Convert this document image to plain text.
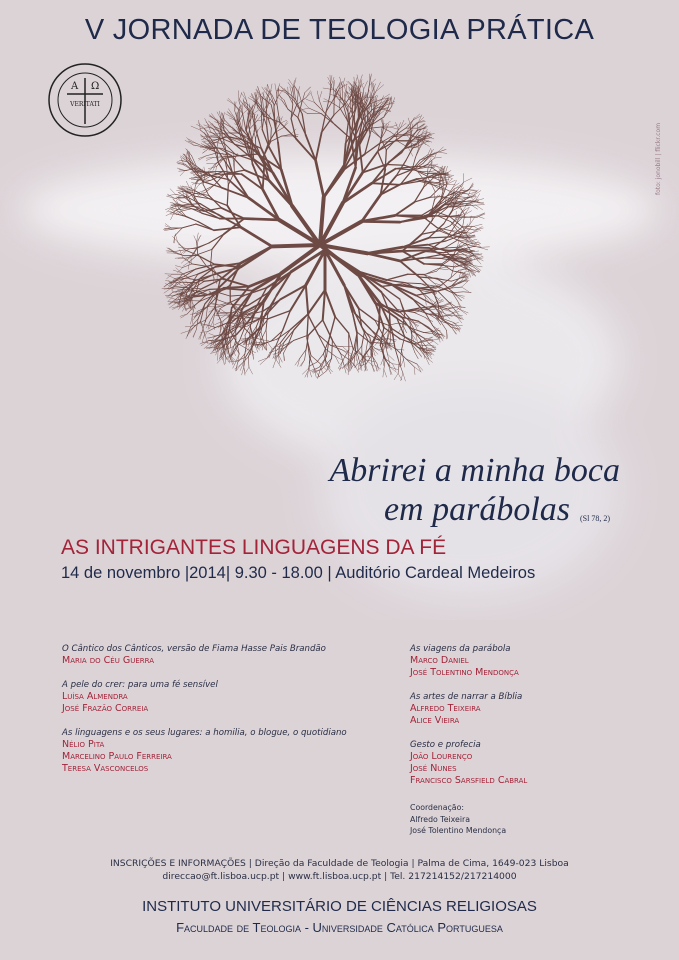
V JORNADA DE TEOLOGIA PRÁTICA
Α Ω
VERITATI
foto: jonobill | flickr.com
Abrirei a minha boca
em parábolas (Sl 78, 2)
AS INTRIGANTES LINGUAGENS DA FÉ
14 de novembro |2014| 9.30 - 18.00 | Auditório Cardeal Medeiros
O Cântico dos Cânticos, versão de Fiama Hasse Pais Brandão
Maria do Céu Guerra
A pele do crer: para uma fé sensível
Luísa Almendra
José Frazão Correia
As linguagens e os seus lugares: a homilia, o blogue, o quotidiano
Nélio Pita
Marcelino Paulo Ferreira
Teresa Vasconcelos
As viagens da parábola
Marco Daniel
José Tolentino Mendonça
As artes de narrar a Bíblia
Alfredo Teixeira
Alice Vieira
Gesto e profecia
João Lourenço
José Nunes
Francisco Sarsfield Cabral
Coordenação:
Alfredo Teixeira
José Tolentino Mendonça
INSCRIÇÕES E INFORMAÇÕES | Direção da Faculdade de Teologia | Palma de Cima, 1649-023 Lisboa
direccao@ft.lisboa.ucp.pt | www.ft.lisboa.ucp.pt | Tel. 217214152/217214000
INSTITUTO UNIVERSITÁRIO DE CIÊNCIAS RELIGIOSAS
Faculdade de Teologia - Universidade Católica Portuguesa
